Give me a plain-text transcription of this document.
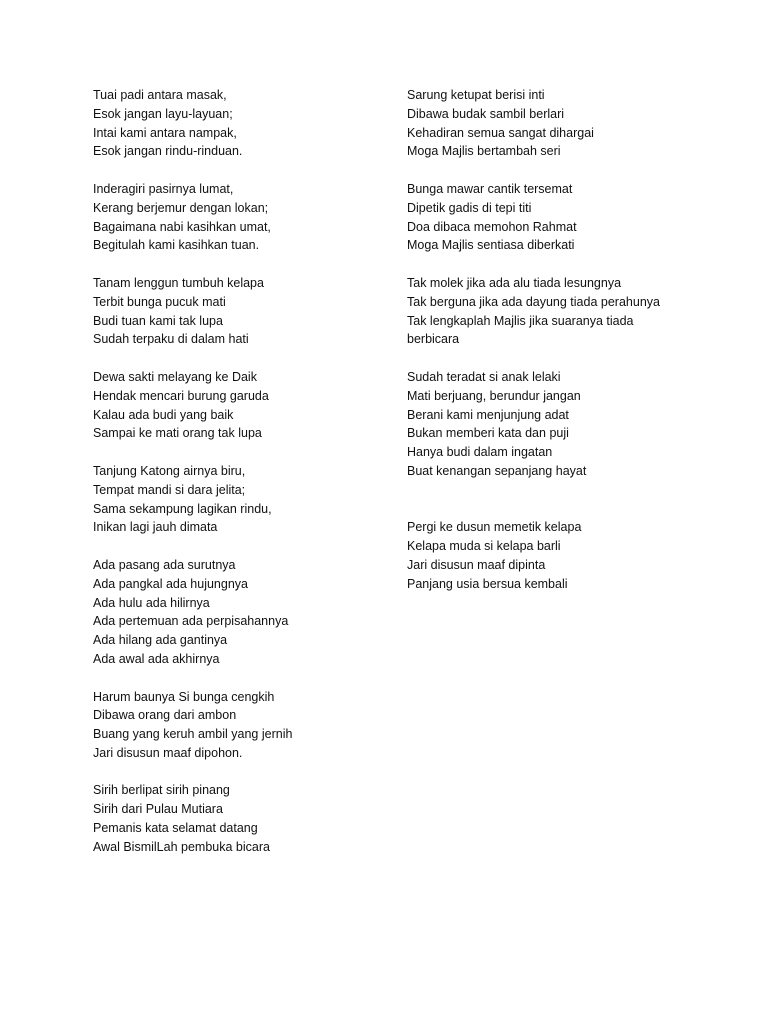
Tuai padi antara masak,
Esok jangan layu-layuan;
Intai kami antara nampak,
Esok jangan rindu-rinduan.
Inderagiri pasirnya lumat,
Kerang berjemur dengan lokan;
Bagaimana nabi kasihkan umat,
Begitulah kami kasihkan tuan.
Tanam lenggun tumbuh kelapa
Terbit bunga pucuk mati
Budi tuan kami tak lupa
Sudah terpaku di dalam hati
Dewa sakti melayang ke Daik
Hendak mencari burung garuda
Kalau ada budi yang baik
Sampai ke mati orang tak lupa
Tanjung Katong airnya biru,
Tempat mandi si dara jelita;
Sama sekampung lagikan rindu,
Inikan lagi jauh dimata
Ada pasang ada surutnya
Ada pangkal ada hujungnya
Ada hulu ada hilirnya
Ada pertemuan ada perpisahannya
Ada hilang ada gantinya
Ada awal ada akhirnya
Harum baunya Si bunga cengkih
Dibawa orang dari ambon
Buang yang keruh ambil yang jernih
Jari disusun maaf dipohon.
Sirih berlipat sirih pinang
Sirih dari Pulau Mutiara
Pemanis kata selamat datang
Awal BismilLah pembuka bicara
Sarung ketupat berisi inti
Dibawa budak sambil berlari
Kehadiran semua sangat dihargai
Moga Majlis bertambah seri
Bunga mawar cantik tersemat
Dipetik gadis di tepi titi
Doa dibaca memohon Rahmat
Moga Majlis sentiasa diberkati
Tak molek jika ada alu tiada lesungnya
Tak berguna jika ada dayung tiada perahunya
Tak lengkaplah Majlis jika suaranya tiada
berbicara
Sudah teradat si anak lelaki
Mati berjuang, berundur jangan
Berani kami menjunjung adat
Bukan memberi kata dan puji
Hanya budi dalam ingatan
Buat kenangan sepanjang hayat
Pergi ke dusun memetik kelapa
Kelapa muda si kelapa barli
Jari disusun maaf dipinta
Panjang usia bersua kembali
